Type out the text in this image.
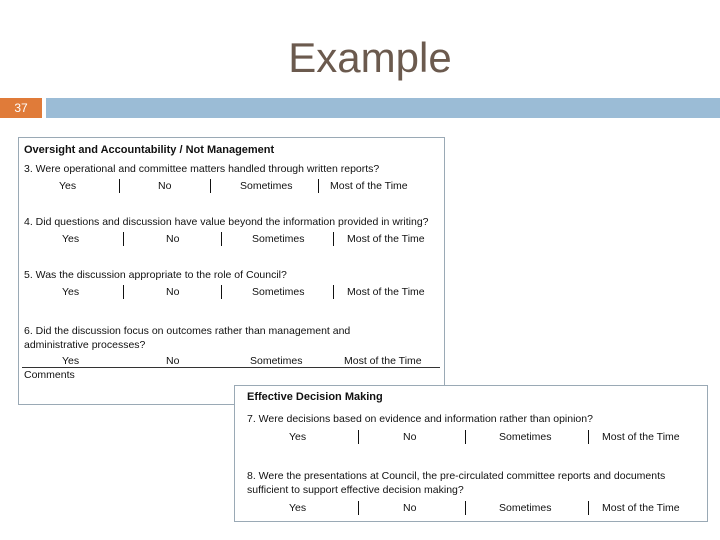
Example
37
Oversight and Accountability / Not Management
3. Were operational and committee matters handled through written reports?
Yes	No	Sometimes	Most of the Time
4. Did questions and discussion have value beyond the information provided in writing?
Yes	No	Sometimes	Most of the Time
5. Was the discussion appropriate to the role of Council?
Yes	No	Sometimes	Most of the Time
6. Did the discussion focus on outcomes rather than management and administrative processes?
Yes	No	Sometimes	Most of the Time
Comments
Effective Decision Making
7. Were decisions based on evidence and information rather than opinion?
Yes	No	Sometimes	Most of the Time
8. Were the presentations at Council, the pre-circulated committee reports and documents sufficient to support effective decision making?
Yes	No	Sometimes	Most of the Time
